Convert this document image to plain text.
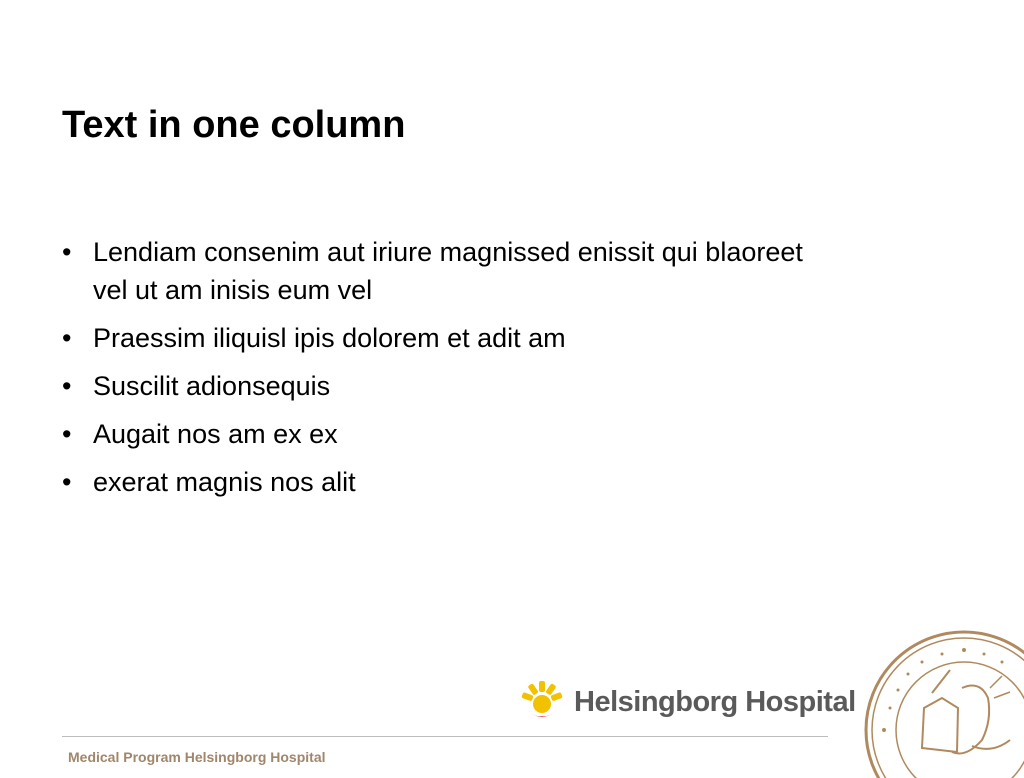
Text in one column
• Lendiam consenim aut iriure magnissed enissit qui blaoreet vel ut am inisis eum vel
• Praessim iliquisl ipis dolorem et adit am
• Suscilit adionsequis
• Augait nos am ex ex
• exerat magnis nos alit
Helsingborg Hospital
Medical Program Helsingborg Hospital
